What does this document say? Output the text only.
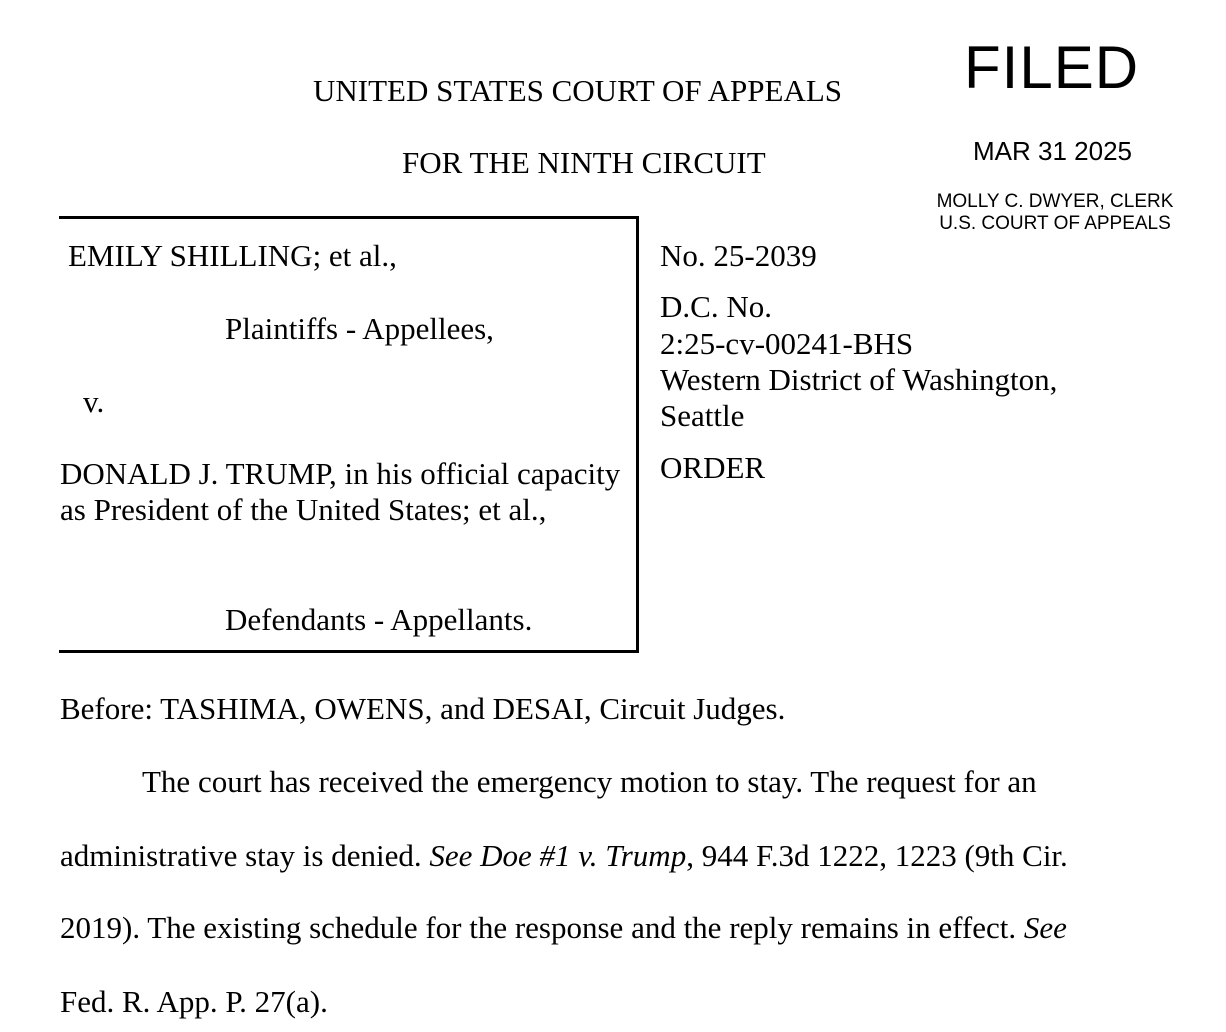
UNITED STATES COURT OF APPEALS
FOR THE NINTH CIRCUIT
FILED
MAR 31 2025
MOLLY C. DWYER, CLERK
U.S. COURT OF APPEALS
EMILY SHILLING; et al.,
Plaintiffs - Appellees,
v.
DONALD J. TRUMP, in his official capacity as President of the United States; et al.,
Defendants - Appellants.
No. 25-2039
D.C. No.
2:25-cv-00241-BHS
Western District of Washington,
Seattle
ORDER
Before: TASHIMA, OWENS, and DESAI, Circuit Judges.
The court has received the emergency motion to stay. The request for an
administrative stay is denied. See Doe #1 v. Trump, 944 F.3d 1222, 1223 (9th Cir.
2019). The existing schedule for the response and the reply remains in effect. See
Fed. R. App. P. 27(a).
